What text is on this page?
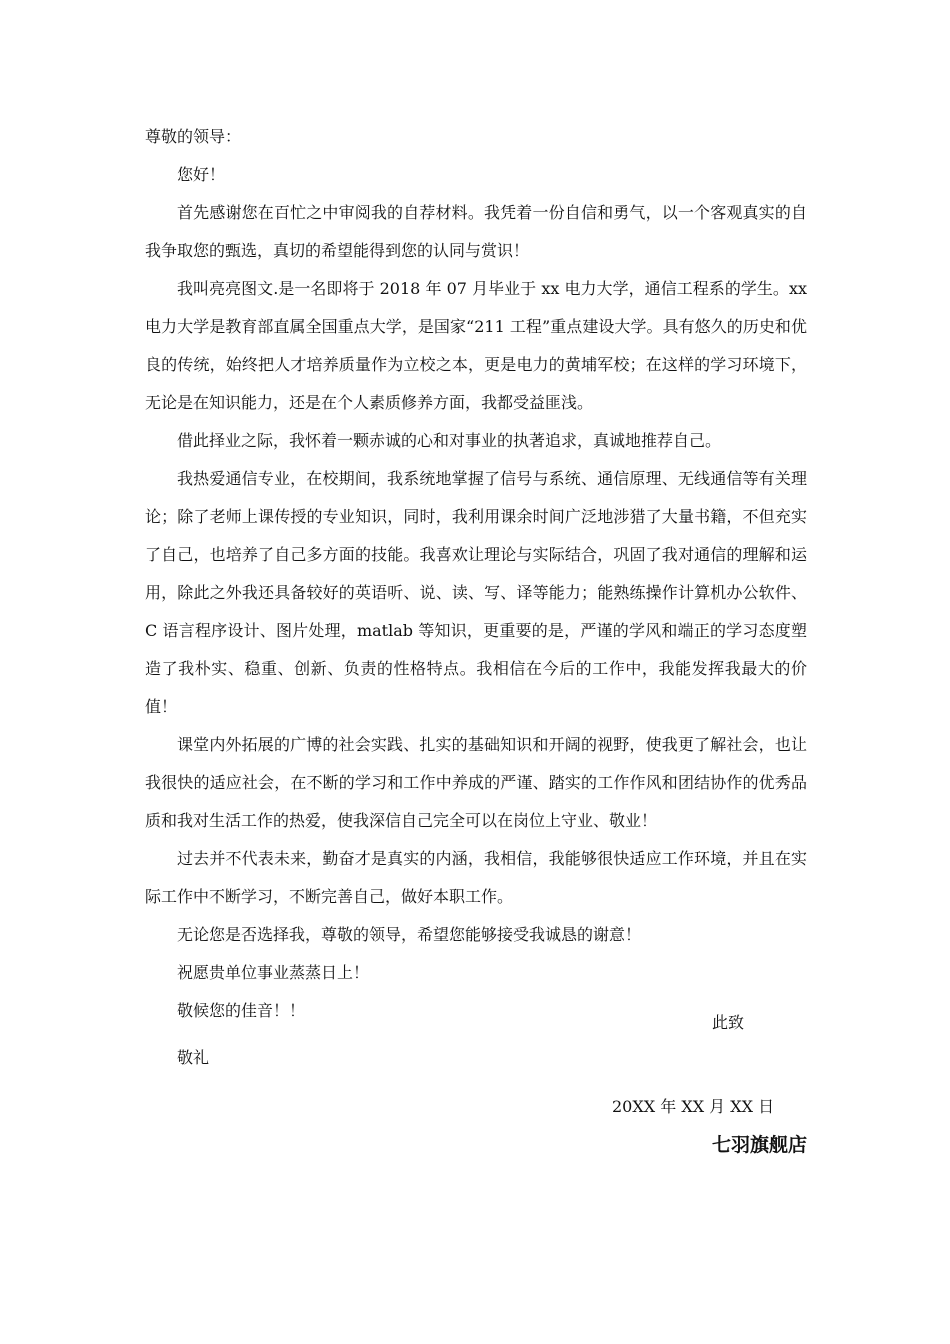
尊敬的领导：

您好！

首先感谢您在百忙之中审阅我的自荐材料。我凭着一份自信和勇气，以一个客观真实的自我争取您的甄选，真切的希望能得到您的认同与赏识！

我叫亮亮图文.是一名即将于 2018 年 07 月毕业于 xx 电力大学，通信工程系的学生。xx 电力大学是教育部直属全国重点大学，是国家“211 工程”重点建设大学。具有悠久的历史和优良的传统，始终把人才培养质量作为立校之本，更是电力的黄埔军校；在这样的学习环境下，无论是在知识能力，还是在个人素质修养方面，我都受益匪浅。

借此择业之际，我怀着一颗赤诚的心和对事业的执著追求，真诚地推荐自己。

我热爱通信专业，在校期间，我系统地掌握了信号与系统、通信原理、无线通信等有关理论；除了老师上课传授的专业知识，同时，我利用课余时间广泛地涉猎了大量书籍，不但充实了自己，也培养了自己多方面的技能。我喜欢让理论与实际结合，巩固了我对通信的理解和运用，除此之外我还具备较好的英语听、说、读、写、译等能力；能熟练操作计算机办公软件、C 语言程序设计、图片处理，matlab 等知识，更重要的是，严谨的学风和端正的学习态度塑造了我朴实、稳重、创新、负责的性格特点。我相信在今后的工作中，我能发挥我最大的价值！

课堂内外拓展的广博的社会实践、扎实的基础知识和开阔的视野，使我更了解社会，也让我很快的适应社会，在不断的学习和工作中养成的严谨、踏实的工作作风和团结协作的优秀品质和我对生活工作的热爱，使我深信自己完全可以在岗位上守业、敬业！

过去并不代表未来，勤奋才是真实的内涵，我相信，我能够很快适应工作环境，并且在实际工作中不断学习，不断完善自己，做好本职工作。

无论您是否选择我，尊敬的领导，希望您能够接受我诚恳的谢意！

祝愿贵单位事业蒸蒸日上！

敬候您的佳音！！

此致
敬礼
20XX 年 XX 月 XX 日
七羽旗舰店
